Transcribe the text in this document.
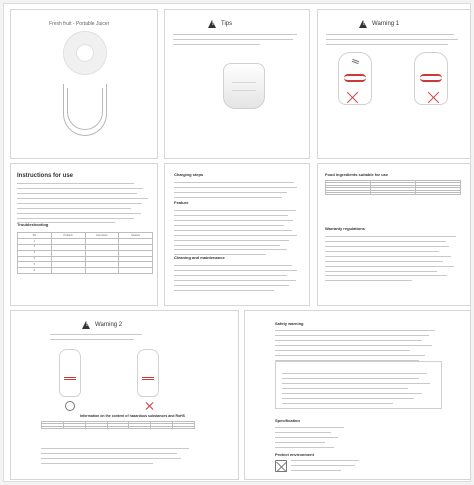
Fresh fruit - Portable Juicer !	Tips !	Warning 1
Instructions for use
Troubleshooting
SN	Problem	Instruction	Solution
1			
2			
3			
4			
5			
6			
Charging steps
Feature
Cleaning and maintenance
Food ingredients suitable for use

Warranty regulations
!
Warning 2
Information on the content of hazardous substances and RoHS

Safety warning
Specification
Protect environment
